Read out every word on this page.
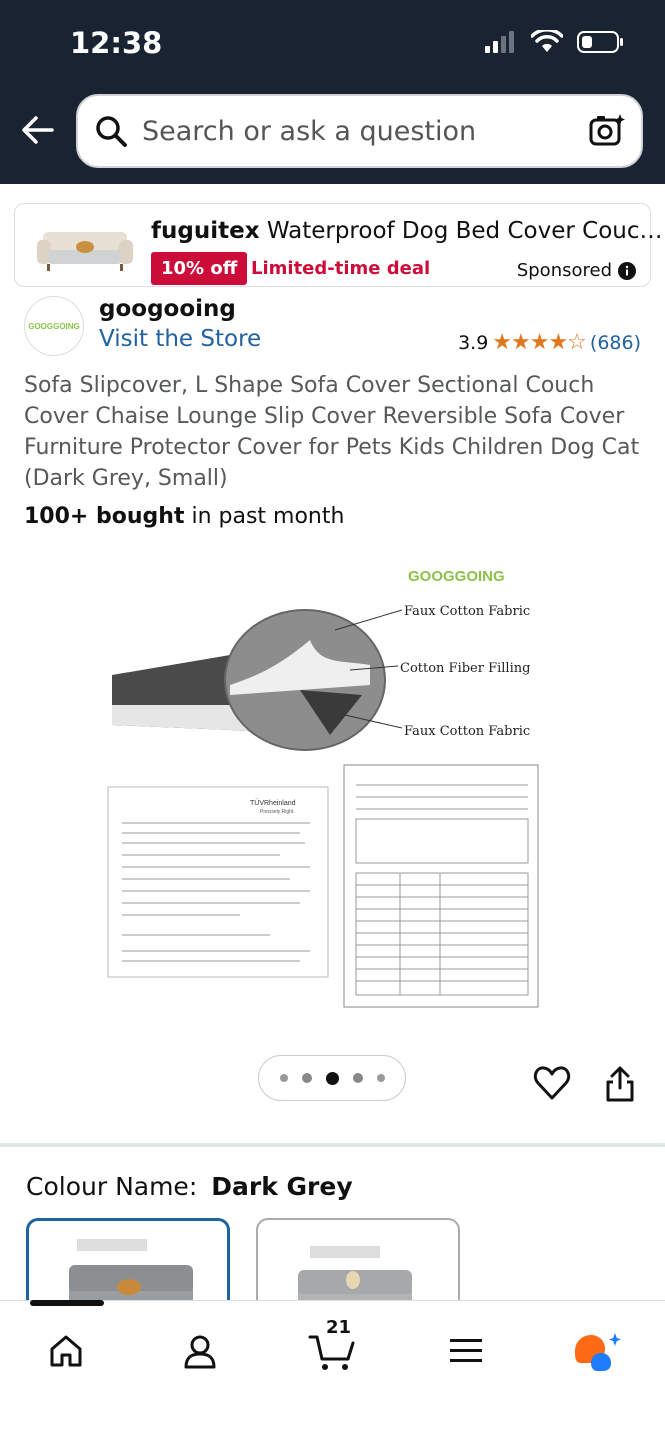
12:38
Search or ask a question
fuguitex Waterproof Dog Bed Cover Couc…
10% off Limited-time deal	Sponsored
GOOGGOING
googooing
Visit the Store	3.9 ★★★★☆ (686)
Sofa Slipcover, L Shape Sofa Cover Sectional Couch Cover Chaise Lounge Slip Cover Reversible Sofa Cover Furniture Protector Cover for Pets Kids Children Dog Cat (Dark Grey, Small)
100+ bought in past month
GOOGGOING
Faux Cotton Fabric
Cotton Fiber Filling
Faux Cotton Fabric
TÜVRheinland
Precisely Right.
Colour Name: Dark Grey
21
